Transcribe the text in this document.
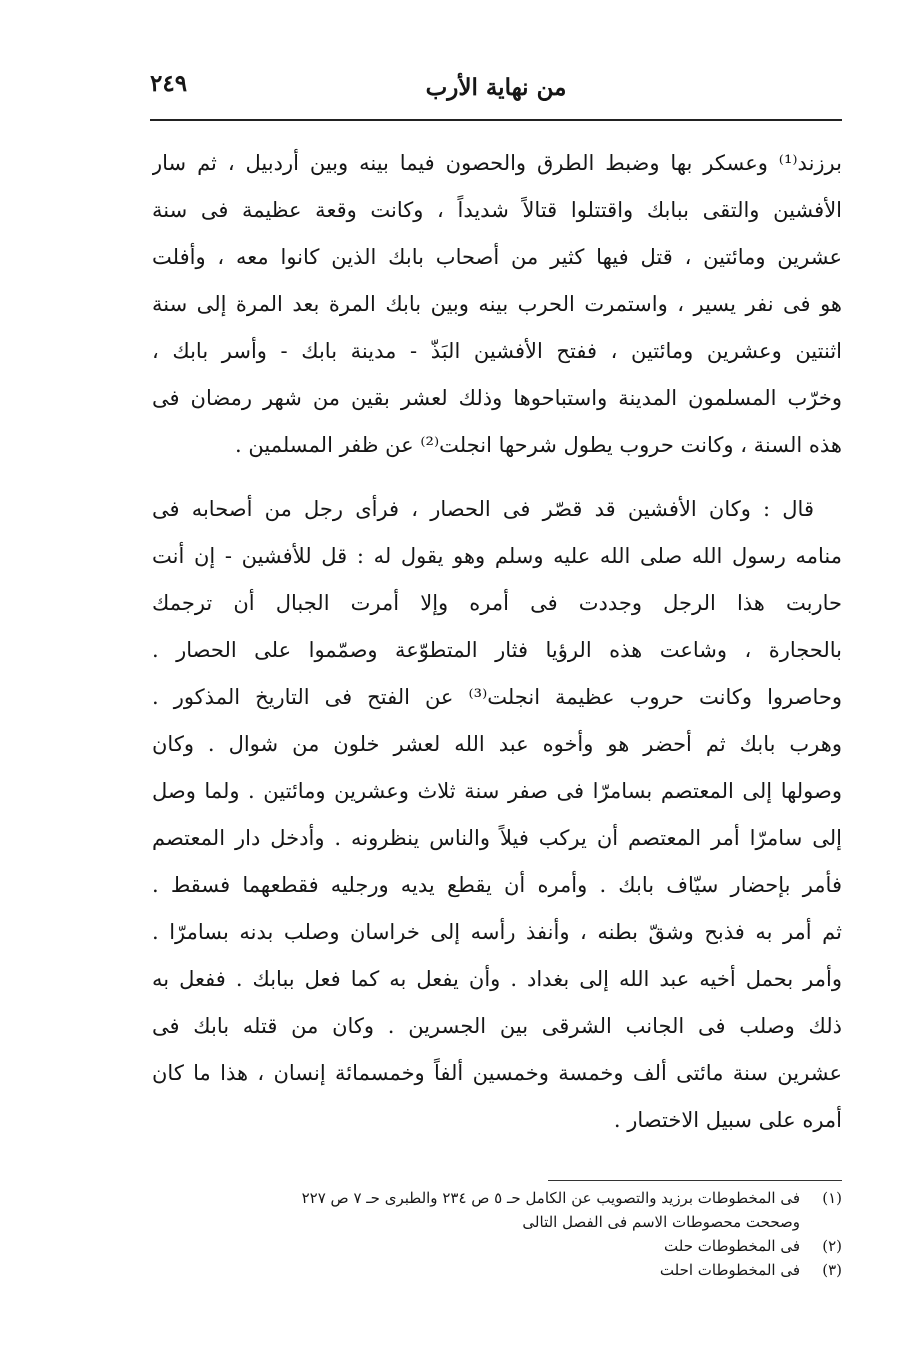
٢٤٩	من نهاية الأرب
برزند⁽¹⁾ وعسكر بها وضبط الطرق والحصون فيما بينه وبين أردبيل ، ثم سار
الأفشين والتقى ببابك واقتتلوا قتالاً شديداً ، وكانت وقعة عظيمة فى سنة
عشرين ومائتين ، قتل فيها كثير من أصحاب بابك الذين كانوا معه ، وأفلت
هو فى نفر يسير ، واستمرت الحرب بينه وبين بابك المرة بعد المرة إلى سنة
اثنتين وعشرين ومائتين ، ففتح الأفشين البَذّ - مدينة بابك - وأسر بابك ،
وخرّب المسلمون المدينة واستباحوها وذلك لعشر بقين من شهر رمضان فى
هذه السنة ، وكانت حروب يطول شرحها انجلت⁽²⁾ عن ظفر المسلمين .
قال : وكان الأفشين قد قصّر فى الحصار ، فرأى رجل من أصحابه فى
منامه رسول الله صلى الله عليه وسلم وهو يقول له : قل للأفشين - إن أنت
حاربت هذا الرجل وجددت فى أمره وإلا أمرت الجبال أن ترجمك
بالحجارة ، وشاعت هذه الرؤيا فثار المتطوّعة وصمّموا على الحصار .
وحاصروا وكانت حروب عظيمة انجلت⁽³⁾ عن الفتح فى التاريخ المذكور .
وهرب بابك ثم أحضر هو وأخوه عبد الله لعشر خلون من شوال . وكان
وصولها إلى المعتصم بسامرّا فى صفر سنة ثلاث وعشرين ومائتين . ولما وصل
إلى سامرّا أمر المعتصم أن يركب فيلاً والناس ينظرونه . وأدخل دار المعتصم
فأمر بإحضار سيّاف بابك . وأمره أن يقطع يديه ورجليه فقطعهما فسقط .
ثم أمر به فذبح وشقّ بطنه ، وأنفذ رأسه إلى خراسان وصلب بدنه بسامرّا .
وأمر بحمل أخيه عبد الله إلى بغداد . وأن يفعل به كما فعل ببابك . ففعل به
ذلك وصلب فى الجانب الشرقى بين الجسرين . وكان من قتله بابك فى
عشرين سنة مائتى ألف وخمسة وخمسين ألفاً وخمسمائة إنسان ، هذا ما كان
أمره على سبيل الاختصار .
(١)
فى المخطوطات برزيد والتصويب عن الكامل حـ ٥ ص ٢٣٤ والطبرى حـ ٧ ص ٢٢٧
وصححت محصوطات الاسم فى الفصل التالى
(٢)
فى المخطوطات حلت
(٣)
فى المخطوطات احلت
